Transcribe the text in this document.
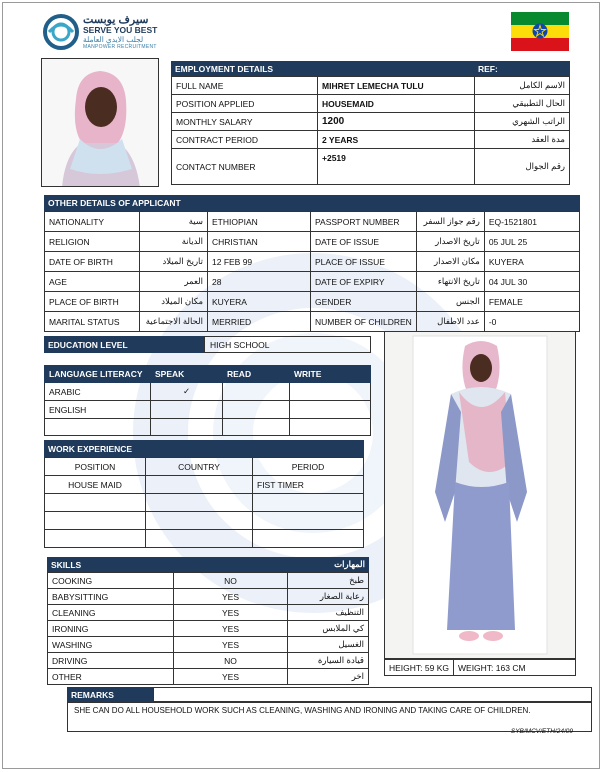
سيرف يوبست
SERVE YOU BEST
لجلب الايدي العاملة
MANPOWER RECRUITMENT
EMPLOYMENT DETAILS	REF:
FULL NAME	MIHRET LEMECHA TULU	الاسم الكامل
POSITION APPLIED	HOUSEMAID	الحال التطبيقي
MONTHLY SALARY	1200	الراتب الشهري
CONTRACT PERIOD	2 YEARS	مدة العقد
CONTACT NUMBER	+2519	رقم الجوال
OTHER DETAILS OF APPLICANT
NATIONALITY	سية	ETHIOPIAN	PASSPORT NUMBER	رقم جواز السفر	EQ-1521801
RELIGION	الديانة	CHRISTIAN	DATE OF ISSUE	تاريخ الاصدار	05 JUL 25
DATE OF BIRTH	تاريخ الميلاد	12 FEB 99	PLACE OF ISSUE	مكان الاصدار	KUYERA
AGE	العمر	28	DATE OF EXPIRY	تاريخ الانتهاء	04 JUL 30
PLACE OF BIRTH	مكان الميلاد	KUYERA	GENDER	الجنس	FEMALE
MARITAL STATUS	الحالة الاجتماعية	MERRIED	NUMBER OF CHILDREN	عدد الاطفال	-0
EDUCATION LEVEL	HIGH SCHOOL
LANGUAGE LITERACY	SPEAK	READ	WRITE
ARABIC	✓		
ENGLISH			

WORK EXPERIENCE
POSITION	COUNTRY	PERIOD
HOUSE MAID		FIST TIMER

SKILLS	المهارات
COOKING	NO	طبخ
BABYSITTING	YES	رعاية الصغار
CLEANING	YES	التنظيف
IRONING	YES	كي الملابس
WASHING	YES	الغسيل
DRIVING	NO	قيادة السيارة
OTHER	YES	اخر
HEIGHT: 59 KG	WEIGHT: 163 CM
REMARKS
SHE CAN DO ALL HOUSEHOLD WORK SUCH AS CLEANING, WASHING AND IRONING AND TAKING CARE OF CHILDREN.
SYB/MCV/ETH/24/09
